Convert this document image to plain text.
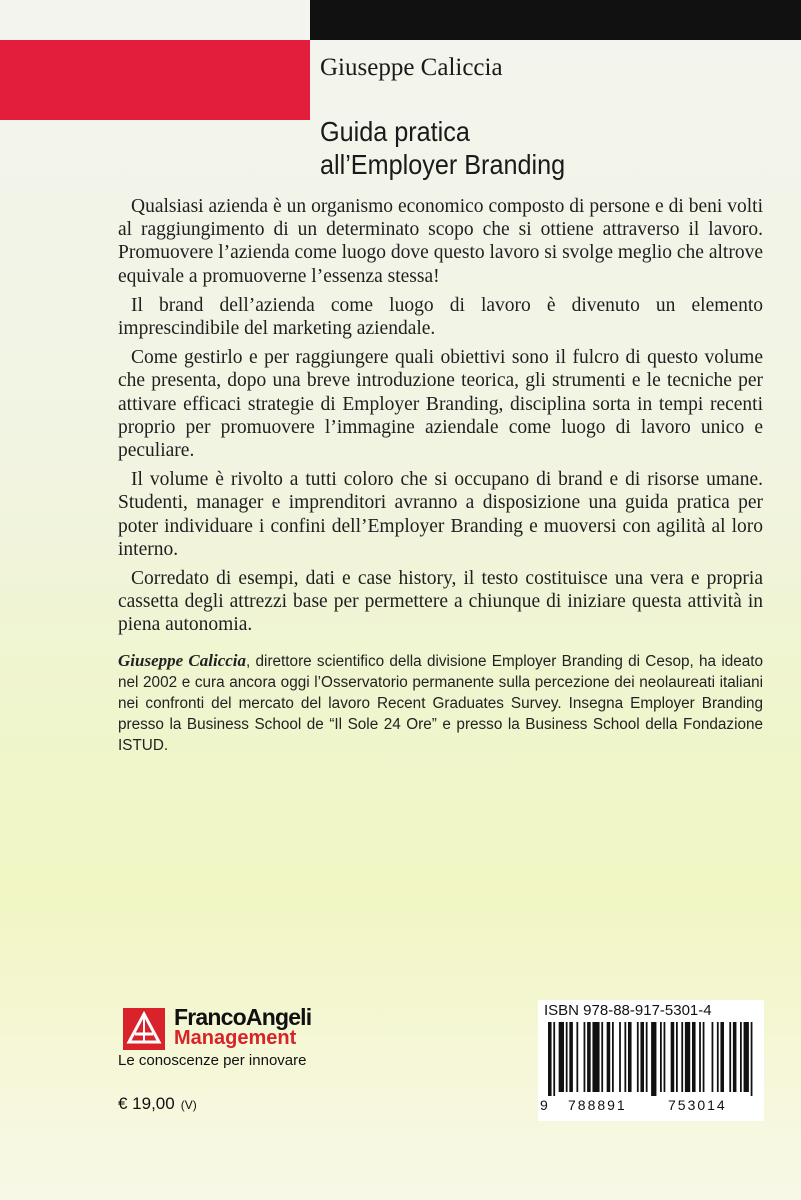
Giuseppe Caliccia
Guida pratica
all’Employer Branding

Qualsiasi azienda è un organismo economico composto di persone e di beni volti al raggiungimento di un determinato scopo che si ottiene attraverso il lavoro. Promuovere l’azienda come luogo dove questo lavoro si svolge meglio che altrove equivale a promuoverne l’essenza stessa!

Il brand dell’azienda come luogo di lavoro è divenuto un elemento imprescindibile del marketing aziendale.

Come gestirlo e per raggiungere quali obiettivi sono il fulcro di questo volume che presenta, dopo una breve introduzione teorica, gli strumenti e le tecniche per attivare efficaci strategie di Employer Branding, disciplina sorta in tempi recenti proprio per promuovere l’immagine aziendale come luogo di lavoro unico e peculiare.

Il volume è rivolto a tutti coloro che si occupano di brand e di risorse umane. Studenti, manager e imprenditori avranno a disposizione una guida pratica per poter individuare i confini dell’Employer Branding e muoversi con agilità al loro interno.

Corredato di esempi, dati e case history, il testo costituisce una vera e propria cassetta degli attrezzi base per permettere a chiunque di iniziare questa attività in piena autonomia.

Giuseppe Caliccia, direttore scientifico della divisione Employer Branding di Cesop, ha ideato nel 2002 e cura ancora oggi l’Osservatorio permanente sulla percezione dei neolaureati italiani nei confronti del mercato del lavoro Recent Graduates Survey. Insegna Employer Branding presso la Business School de “Il Sole 24 Ore” e presso la Business School della Fondazione ISTUD.
FrancoAngeli
Management
Le conoscenze per innovare
€ 19,00 (V)
ISBN 978-88-917-5301-4
9 788891	753014
